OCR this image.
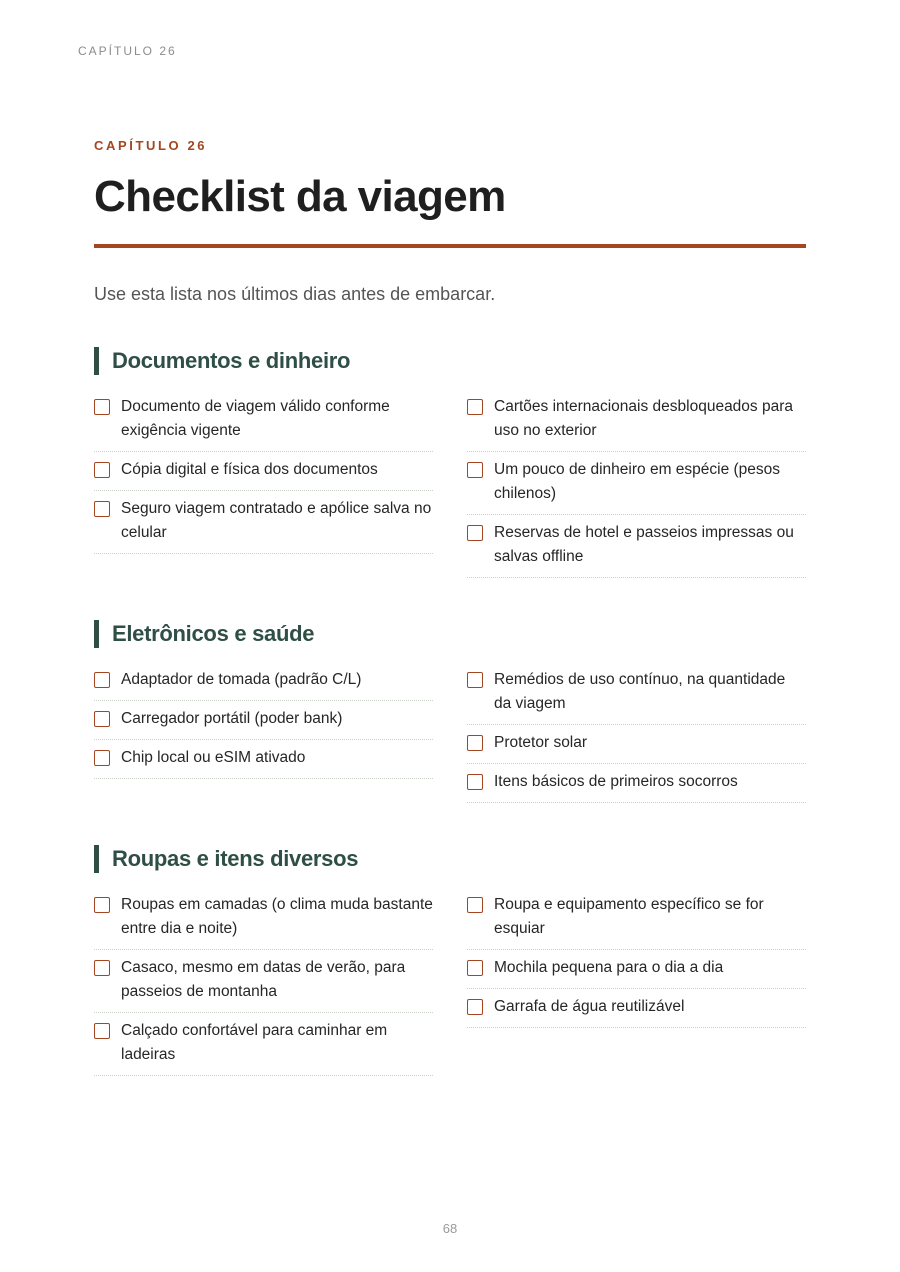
CAPÍTULO 26
CAPÍTULO 26
Checklist da viagem
Use esta lista nos últimos dias antes de embarcar.
Documentos e dinheiro
Documento de viagem válido conforme exigência vigente
Cópia digital e física dos documentos
Seguro viagem contratado e apólice salva no celular
Cartões internacionais desbloqueados para uso no exterior
Um pouco de dinheiro em espécie (pesos chilenos)
Reservas de hotel e passeios impressas ou salvas offline
Eletrônicos e saúde
Adaptador de tomada (padrão C/L)
Carregador portátil (poder bank)
Chip local ou eSIM ativado
Remédios de uso contínuo, na quantidade da viagem
Protetor solar
Itens básicos de primeiros socorros
Roupas e itens diversos
Roupas em camadas (o clima muda bastante entre dia e noite)
Casaco, mesmo em datas de verão, para passeios de montanha
Calçado confortável para caminhar em ladeiras
Roupa e equipamento específico se for esquiar
Mochila pequena para o dia a dia
Garrafa de água reutilizável
68
